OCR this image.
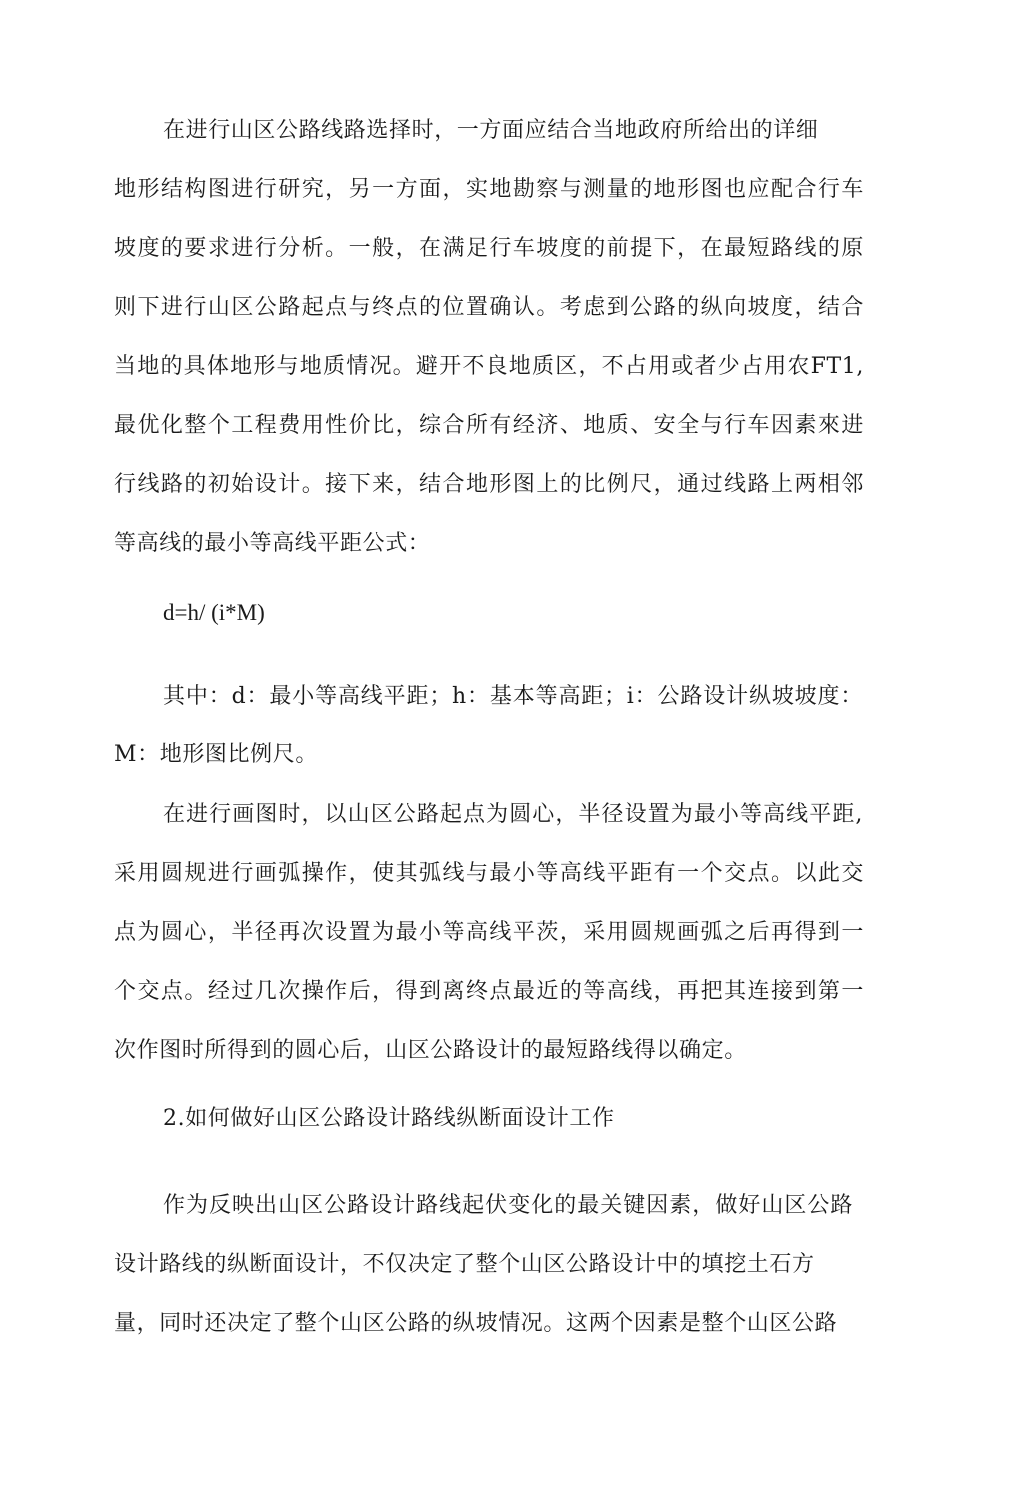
在进行山区公路线路选择时，一方面应结合当地政府所给出的详细
地形结构图进行研究，另一方面，实地勘察与测量的地形图也应配合行车
坡度的要求进行分析。一般，在满足行车坡度的前提下，在最短路线的原
则下进行山区公路起点与终点的位置确认。考虑到公路的纵向坡度，结合
当地的具体地形与地质情况。避开不良地质区，不占用或者少占用农FT1,
最优化整个工程费用性价比，综合所有经济、地质、安全与行车因素來进
行线路的初始设计。接下来，结合地形图上的比例尺，通过线路上两相邻
等高线的最小等高线平距公式：
d=h/ (i*M)
其中：d：最小等高线平距；h：基本等高距；i：公路设计纵坡坡度：
M：地形图比例尺。
在进行画图时，以山区公路起点为圆心，半径设置为最小等高线平距,
采用圆规进行画弧操作，使其弧线与最小等高线平距有一个交点。以此交
点为圆心，半径再次设置为最小等高线平茨，采用圆规画弧之后再得到一
个交点。经过几次操作后，得到离终点最近的等高线，再把其连接到第一
次作图时所得到的圆心后，山区公路设计的最短路线得以确定。
2.如何做好山区公路设计路线纵断面设计工作
作为反映出山区公路设计路线起伏变化的最关键因素，做好山区公路
设计路线的纵断面设计，不仅决定了整个山区公路设计中的填挖土石方
量，同时还决定了整个山区公路的纵坡情况。这两个因素是整个山区公路
